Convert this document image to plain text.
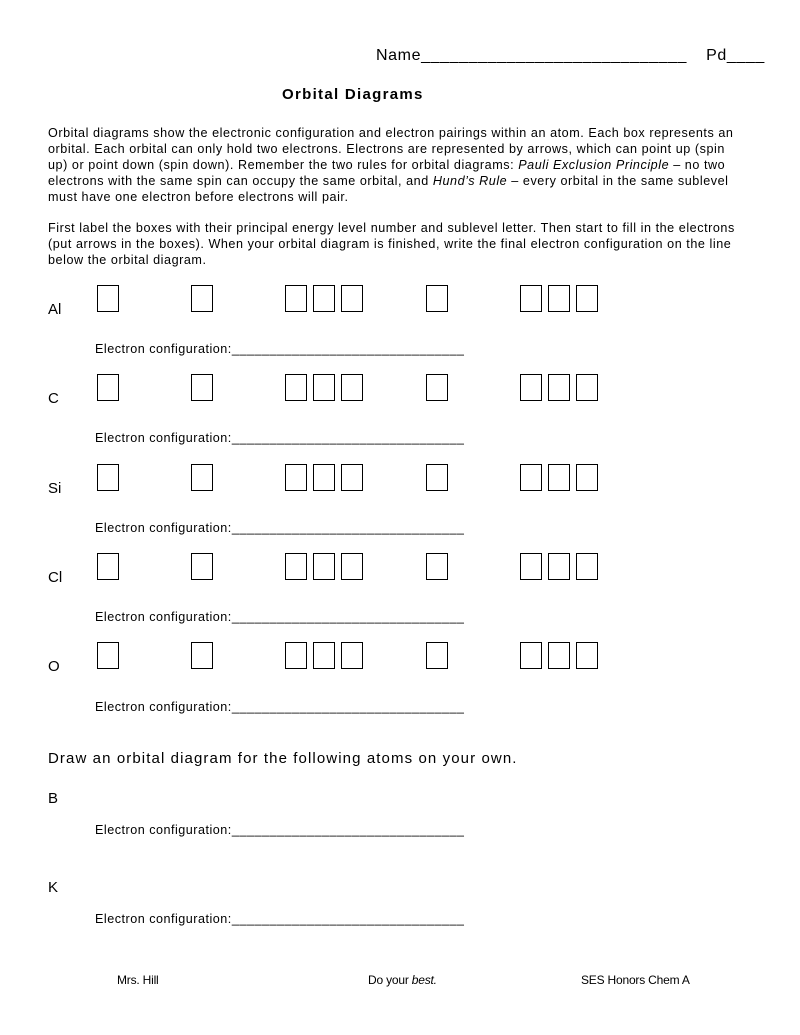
Name____________________________ Pd____
Orbital Diagrams
Orbital diagrams show the electronic configuration and electron pairings within an atom. Each box represents an orbital. Each orbital can only hold two electrons. Electrons are represented by arrows, which can point up (spin up) or point down (spin down). Remember the two rules for orbital diagrams: Pauli Exclusion Principle – no two electrons with the same spin can occupy the same orbital, and Hund’s Rule – every orbital in the same sublevel must have one electron before electrons will pair.
First label the boxes with their principal energy level number and sublevel letter. Then start to fill in the electrons (put arrows in the boxes). When your orbital diagram is finished, write the final electron configuration on the line below the orbital diagram.
Al
Electron configuration:_______________________________
C
Electron configuration:_______________________________
Si
Electron configuration:_______________________________
Cl
Electron configuration:_______________________________
O
Electron configuration:_______________________________
Draw an orbital diagram for the following atoms on your own.
B
Electron configuration:_______________________________
K
Electron configuration:_______________________________
Mrs. Hill	Do your best.	SES Honors Chem A
